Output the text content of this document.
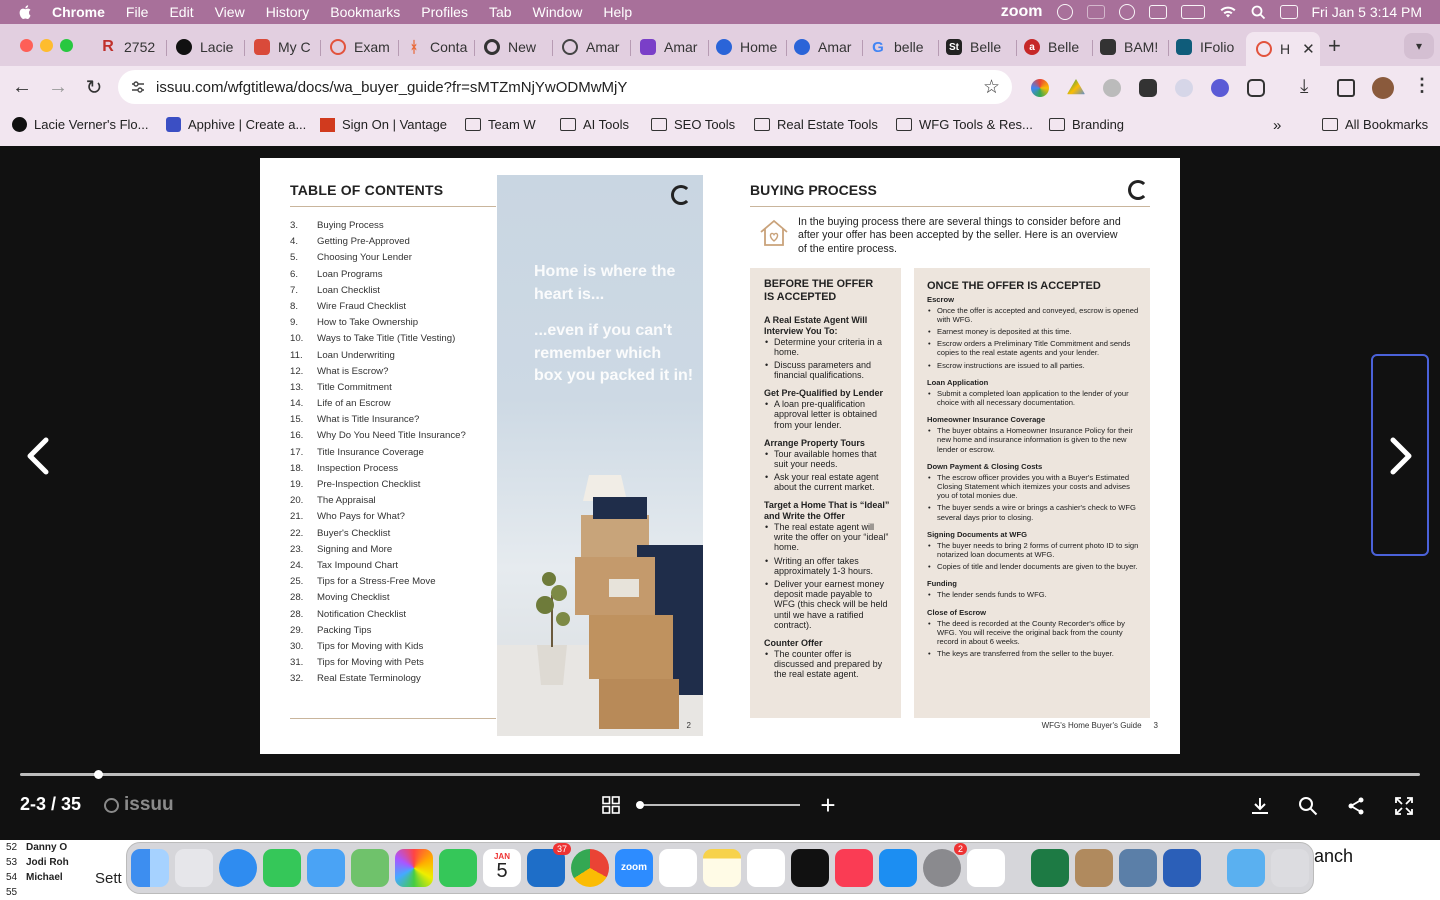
Chrome File Edit View History Bookmarks Profiles Tab Window Help	zoom	Fri Jan 5 3:14 PM
R 2752	Lacie	My C	Exam ᚼ Conta	New	Amar	Amar	Home	Amar G belle	St Belle	a Belle	BAM!	IFolio	H ✕ +	▾
← → ↻	issuu.com/wfgtitlewa/docs/wa_buyer_guide?fr=sMTZmNjYwODMwMjY	☆	⤓	⋮
Lacie Verner's Flo...	Apphive | Create a...	Sign On | Vantage	Team W	AI Tools	SEO Tools	Real Estate Tools	WFG Tools & Res...	Branding	»	All Bookmarks
TABLE OF CONTENTS
3.	Buying Process
4.	Getting Pre-Approved
5.	Choosing Your Lender
6.	Loan Programs
7.	Loan Checklist
8.	Wire Fraud Checklist
9.	How to Take Ownership
10.	Ways to Take Title (Title Vesting)
11.	Loan Underwriting
12.	What is Escrow?
13.	Title Commitment
14.	Life of an Escrow
15.	What is Title Insurance?
16.	Why Do You Need Title Insurance?
17.	Title Insurance Coverage
18.	Inspection Process
19.	Pre-Inspection Checklist
20.	The Appraisal
21.	Who Pays for What?
22.	Buyer's Checklist
23.	Signing and More
24.	Tax Impound Chart
25.	Tips for a Stress-Free Move
28.	Moving Checklist
28.	Notification Checklist
29.	Packing Tips
30.	Tips for Moving with Kids
31.	Tips for Moving with Pets
32.	Real Estate Terminology
Home is where the heart is...
...even if you can't remember which box you packed it in!
2
BUYING PROCESS
In the buying process there are several things to consider before and after your offer has been accepted by the seller. Here is an overview of the entire process.
BEFORE THE OFFER IS ACCEPTED
A Real Estate Agent Will Interview You To:
• Determine your criteria in a home.
• Discuss parameters and financial qualifications.
Get Pre-Qualified by Lender
• A loan pre-qualification approval letter is obtained from your lender.
Arrange Property Tours
• Tour available homes that suit your needs.
• Ask your real estate agent about the current market.
Target a Home That is “Ideal” and Write the Offer
• The real estate agent will write the offer on your “ideal” home.
• Writing an offer takes approximately 1-3 hours.
• Deliver your earnest money deposit made payable to WFG (this check will be held until we have a ratified contract).
Counter Offer
• The counter offer is discussed and prepared by the real estate agent.
ONCE THE OFFER IS ACCEPTED
Escrow
• Once the offer is accepted and conveyed, escrow is opened with WFG.
• Earnest money is deposited at this time.
• Escrow orders a Preliminary Title Commitment and sends copies to the real estate agents and your lender.
• Escrow instructions are issued to all parties.
Loan Application
• Submit a completed loan application to the lender of your choice with all necessary documentation.
Homeowner Insurance Coverage
• The buyer obtains a Homeowner Insurance Policy for their new home and insurance information is given to the new lender or escrow.
Down Payment & Closing Costs
• The escrow officer provides you with a Buyer's Estimated Closing Statement which itemizes your costs and advises you of total monies due.
• The buyer sends a wire or brings a cashier's check to WFG several days prior to closing.
Signing Documents at WFG
• The buyer needs to bring 2 forms of current photo ID to sign notarized loan documents at WFG.
• Copies of title and lender documents are given to the buyer.
Funding
• The lender sends funds to WFG.
Close of Escrow
• The deed is recorded at the County Recorder's office by WFG. You will receive the original back from the county record in about 6 weeks.
• The keys are transferred from the seller to the buyer.
WFG's Home Buyer's Guide 3
2-3 / 35 issuu	+
52 Danny O
53 Jodi Roh
54 Michael
55
Sett
anch
JAN
5
37
zoom
2
